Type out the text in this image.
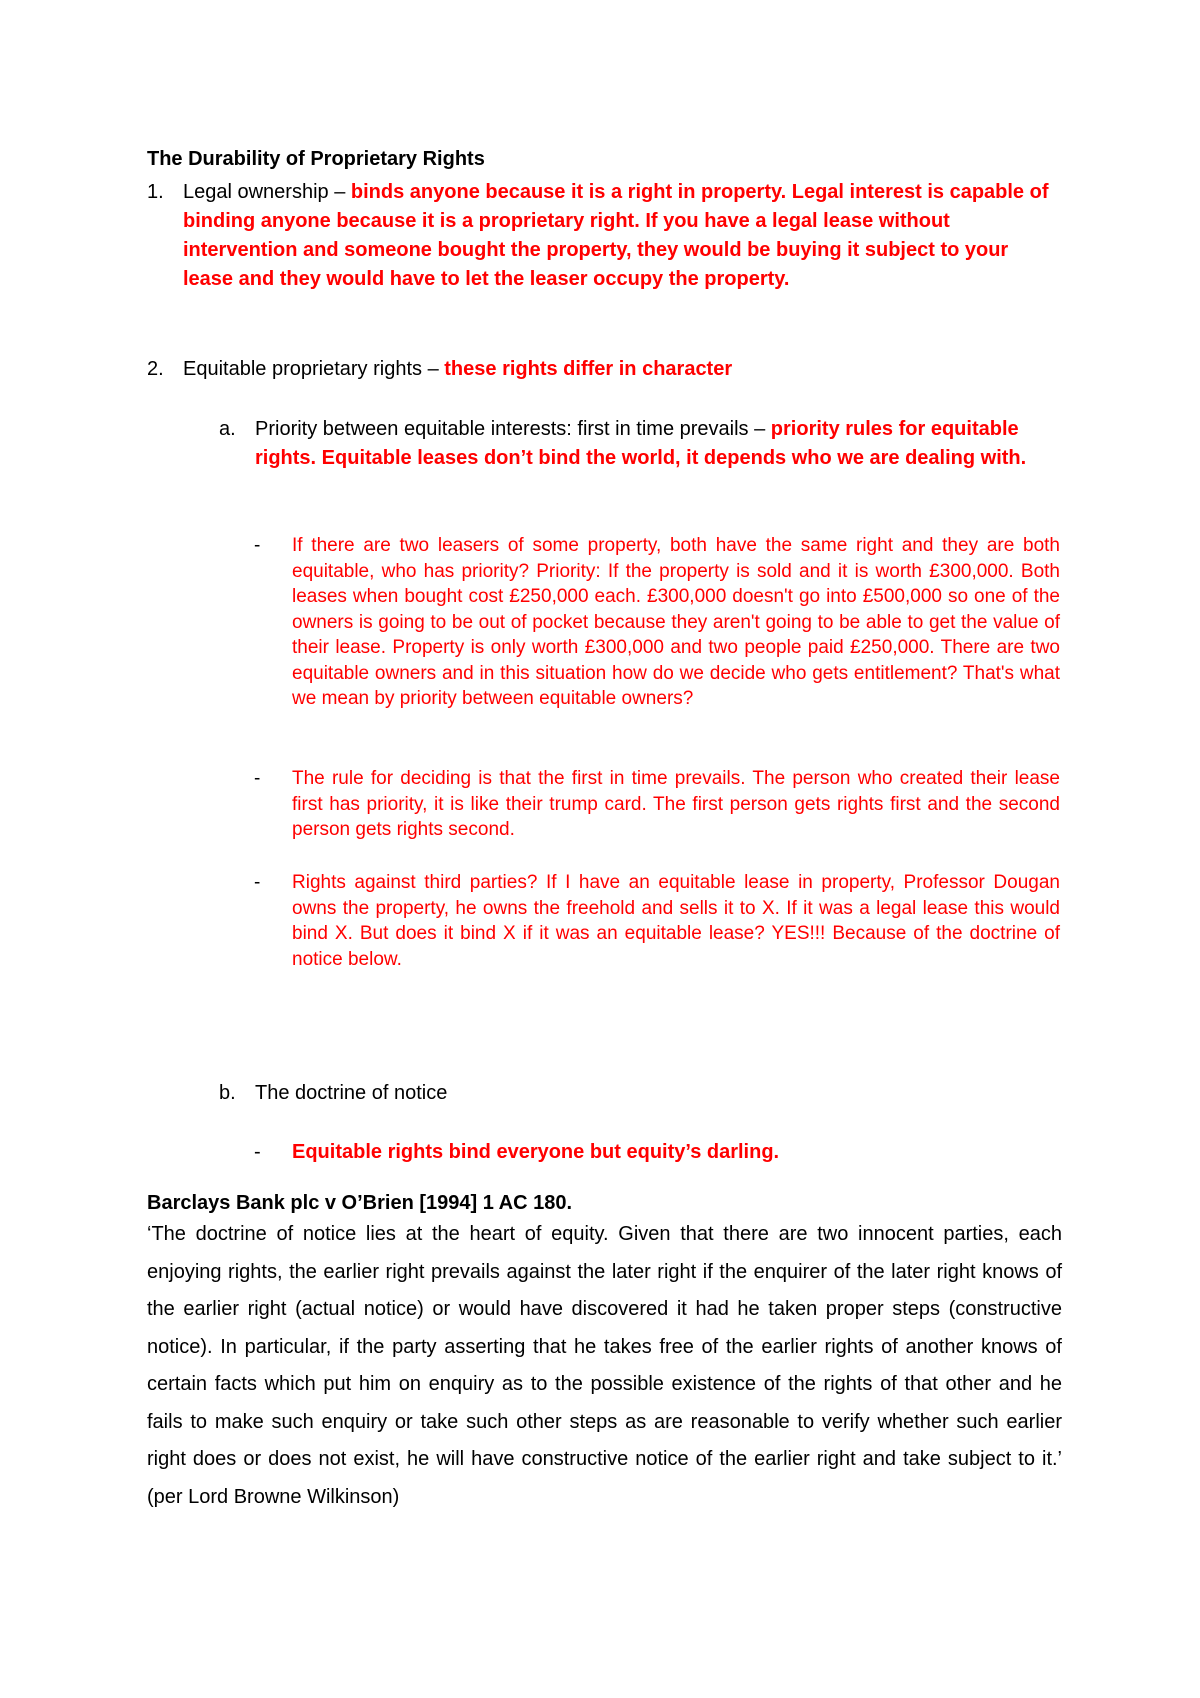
The Durability of Proprietary Rights
1. Legal ownership – binds anyone because it is a right in property. Legal interest is capable of binding anyone because it is a proprietary right. If you have a legal lease without intervention and someone bought the property, they would be buying it subject to your lease and they would have to let the leaser occupy the property.
2. Equitable proprietary rights – these rights differ in character
a. Priority between equitable interests: first in time prevails – priority rules for equitable rights. Equitable leases don’t bind the world, it depends who we are dealing with.
- If there are two leasers of some property, both have the same right and they are both equitable, who has priority? Priority: If the property is sold and it is worth £300,000. Both leases when bought cost £250,000 each. £300,000 doesn't go into £500,000 so one of the owners is going to be out of pocket because they aren't going to be able to get the value of their lease. Property is only worth £300,000 and two people paid £250,000. There are two equitable owners and in this situation how do we decide who gets entitlement? That's what we mean by priority between equitable owners?
- The rule for deciding is that the first in time prevails. The person who created their lease first has priority, it is like their trump card. The first person gets rights first and the second person gets rights second.
- Rights against third parties? If I have an equitable lease in property, Professor Dougan owns the property, he owns the freehold and sells it to X. If it was a legal lease this would bind X. But does it bind X if it was an equitable lease? YES!!! Because of the doctrine of notice below.
b. The doctrine of notice
- Equitable rights bind everyone but equity’s darling.
Barclays Bank plc v O’Brien [1994] 1 AC 180.
‘The doctrine of notice lies at the heart of equity. Given that there are two innocent parties, each enjoying rights, the earlier right prevails against the later right if the enquirer of the later right knows of the earlier right (actual notice) or would have discovered it had he taken proper steps (constructive notice). In particular, if the party asserting that he takes free of the earlier rights of another knows of certain facts which put him on enquiry as to the possible existence of the rights of that other and he fails to make such enquiry or take such other steps as are reasonable to verify whether such earlier right does or does not exist, he will have constructive notice of the earlier right and take subject to it.’ (per Lord Browne Wilkinson)
